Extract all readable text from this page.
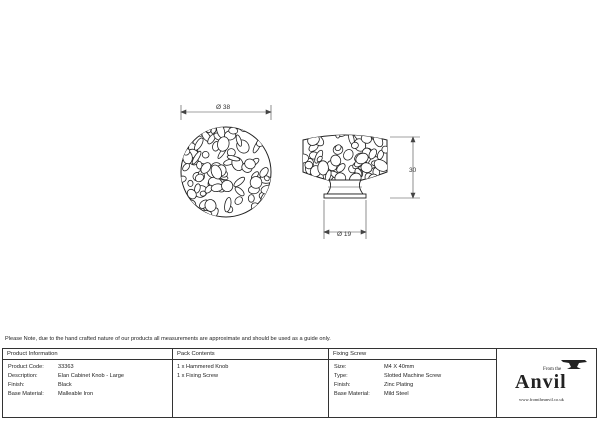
Ø 38
30
Ø 19
Please Note, due to the hand crafted nature of our products all measurements are approximate and should be used as a guide only.
Product Information
Product Code:	33363
Description:	Elan Cabinet Knob - Large
Finish:	Black
Base Material:	Malleable Iron
Pack Contents
1 x Hammered Knob
1 x Fixing Screw
Fixing Screw
Size:	M4 X 40mm
Type:	Slotted Machine Screw
Finish:	Zinc Plating
Base Material:	Mild Steel
From the
Anvil
www.fromtheanvil.co.uk
